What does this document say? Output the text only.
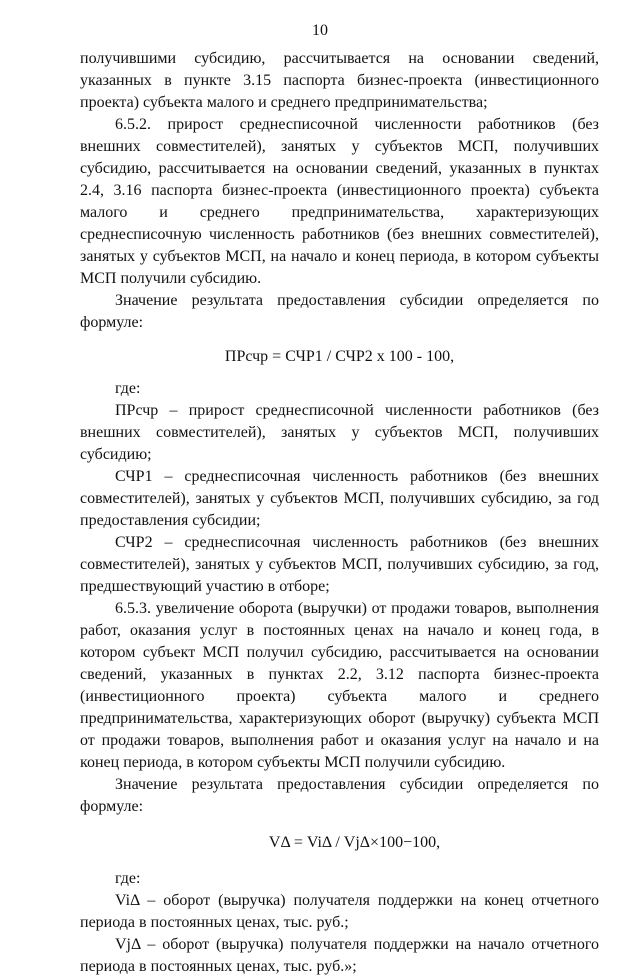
10

получившими субсидию, рассчитывается на основании сведений, указанных в пункте 3.15 паспорта бизнес-проекта (инвестиционного проекта) субъекта малого и среднего предпринимательства;

6.5.2. прирост среднесписочной численности работников (без внешних совместителей), занятых у субъектов МСП, получивших субсидию, рассчитывается на основании сведений, указанных в пунктах 2.4, 3.16 паспорта бизнес-проекта (инвестиционного проекта) субъекта малого и среднего предпринимательства, характеризующих среднесписочную численность работников (без внешних совместителей), занятых у субъектов МСП, на начало и конец периода, в котором субъекты МСП получили субсидию.

Значение результата предоставления субсидии определяется по формуле:

ПРсчр = СЧР1 / СЧР2 х 100 - 100,

где:

ПРсчр – прирост среднесписочной численности работников (без внешних совместителей), занятых у субъектов МСП, получивших субсидию;

СЧР1 – среднесписочная численность работников (без внешних совместителей), занятых у субъектов МСП, получивших субсидию, за год предоставления субсидии;

СЧР2 – среднесписочная численность работников (без внешних совместителей), занятых у субъектов МСП, получивших субсидию, за год, предшествующий участию в отборе;

6.5.3. увеличение оборота (выручки) от продажи товаров, выполнения работ, оказания услуг в постоянных ценах на начало и конец года, в котором субъект МСП получил субсидию, рассчитывается на основании сведений, указанных в пунктах 2.2, 3.12 паспорта бизнес-проекта (инвестиционного проекта) субъекта малого и среднего предпринимательства, характеризующих оборот (выручку) субъекта МСП от продажи товаров, выполнения работ и оказания услуг на начало и на конец периода, в котором субъекты МСП получили субсидию.

Значение результата предоставления субсидии определяется по формуле:

VΔ = ViΔ / VjΔ×100−100,

где:

ViΔ – оборот (выручка) получателя поддержки на конец отчетного периода в постоянных ценах, тыс. руб.;

VjΔ – оборот (выручка) получателя поддержки на начало отчетного периода в постоянных ценах, тыс. руб.»;
